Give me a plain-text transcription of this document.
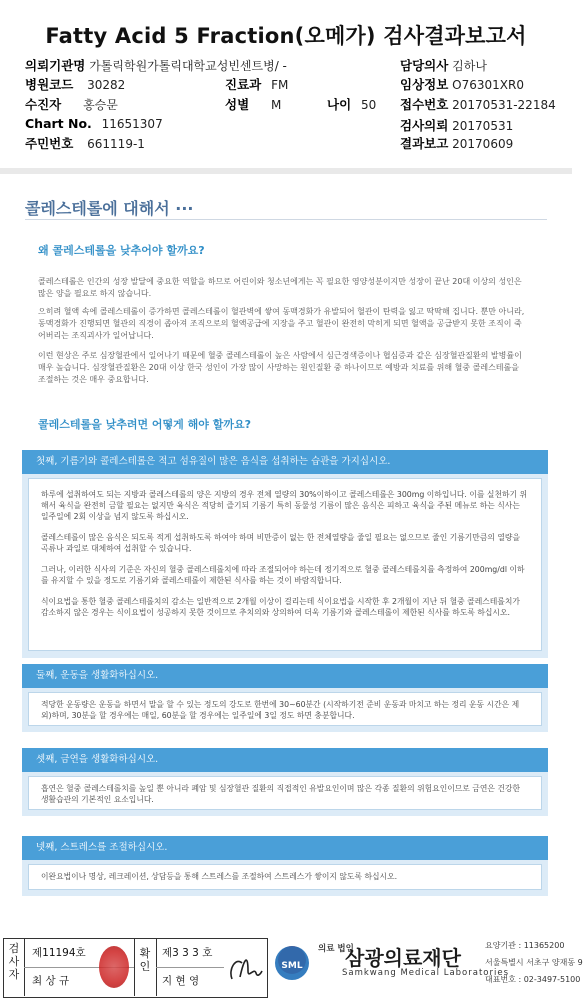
Fatty Acid 5 Fraction(오메가) 검사결과보고서
의뢰기관명 가톨릭학원가톨릭대학교성빈센트병/ -	담당의사 김하나
병원코드 30282	진료과 FM	임상정보 O76301XR0
수진자 홍승문	성별 M	나이 50 접수번호 20170531-22184
Chart No. 11651307	검사의뢰 20170531
주민번호 661119-1	결과보고 20170609
콜레스테롤에 대해서 ···
왜 콜레스테롤을 낮추어야 할까요?
콜레스테롤은 인간의 성장 발달에 중요한 역할을 하므로 어린이와 청소년에게는 꼭 필요한 영양성분이지만 성장이 끝난 20대 이상의 성인은 많은 양을 필요로 하지 않습니다.
으히려 혈액 속에 콜레스테롤이 증가하면 콜레스테롤이 혈관벽에 쌓여 동맥경화가 유발되어 혈관이 탄력을 잃고 딱딱해 집니다. 뿐만 아니라, 동맥경화가 진행되면 혈관의 직경이 좁아져 조직으로의 혈액공급에 지장을 주고 혈관이 완전히 막히게 되면 혈액을 공급받지 못한 조직이 죽어버리는 조직괴사가 일어납니다.
이런 현상은 주로 심장혈관에서 일어나기 때문에 혈중 콜레스테롤이 높은 사람에서 심근경색증이나 협심증과 같은 심장혈관질환의 발병률이 매우 높습니다. 심장혈관질환은 20대 이상 한국 성인이 가장 많이 사망하는 원인질환 중 하나이므로 예방과 치료를 위해 혈중 콜레스테롤을 조절하는 것은 매우 중요합니다.
콜레스테롤을 낮추려면 어떻게 해야 할까요?
첫째, 기름기와 콜레스테롤은 적고 섬유질이 많은 음식을 섭취하는 습관을 가지십시오.

하루에 섭취하여도 되는 지방과 콜레스테롤의 양은 지방의 경우 전체 열량의 30%이하이고 콜레스테롤은 300mg 이하입니다. 이를 실천하기 위해서 육식을 완전히 금할 필요는 없지만 육식은 적당히 즐기되 기름기 특히 동물성 기름이 많은 음식은 피하고 육식을 주된 메뉴로 하는 식사는 일주일에 2회 이상을 넘지 않도록 하십시오.

콜레스테롤이 많은 음식은 되도록 적게 섭취하도록 하여야 하며 비만증이 없는 한 전체열량을 줄일 필요는 없으므로 줄인 기름기만큼의 열량을 곡류나 과일로 대체하여 섭취할 수 있습니다.

그러나, 이러한 식사의 기준은 자신의 혈중 콜레스테롤치에 따라 조절되어야 하는데 정기적으로 혈중 콜레스테롤치를 측정하여 200mg/dl 이하를 유지할 수 있을 정도로 기름기와 콜레스테롤이 제한된 식사를 하는 것이 바람직합니다.

식이요법을 통한 혈중 콜레스테롤치의 감소는 일반적으로 2개월 이상이 걸리는데 식이요법을 시작한 후 2개월이 지난 뒤 혈중 콜레스테롤치가 감소하지 않은 경우는 식이요법이 성공하지 못한 것이므로 추치의와 상의하여 더욱 기름기와 콜레스테롤이 제한된 식사를 하도록 하십시오.

둘째, 운동을 생활화하십시오.

적당한 운동량은 운동을 하면서 말을 할 수 있는 정도의 강도로 한번에 30~60분간 (시작하기전 준비 운동과 마치고 하는 정리 운동 시간은 제외)하며, 30분을 할 경우에는 매일, 60분을 할 경우에는 일주일에 3일 정도 하면 충분합니다.

셋째, 금연을 생활화하십시오.

흡연은 혈중 콜레스테롤치를 높일 뿐 아니라 폐암 및 심장혈관 질환의 직접적인 유발요인이며 많은 각종 질환의 위험요인이므로 금연은 건강한 생활습관의 기본적인 요소입니다.

넷째, 스트레스를 조절하십시오.

이완요법이나 명상, 레크레이션, 상담등을 통해 스트레스를 조절하여 스트레스가 쌓이지 않도록 하십시오.

검사자
제11194호
최 상 규
확인
제3 3 3 호
지 현 영
SML
의료 법인
삼광의료재단
Samkwang Medical Laboratories
요양기관 : 11365200
서울특별시 서초구 양재동 9
대표번호 : 02-3497-5100
